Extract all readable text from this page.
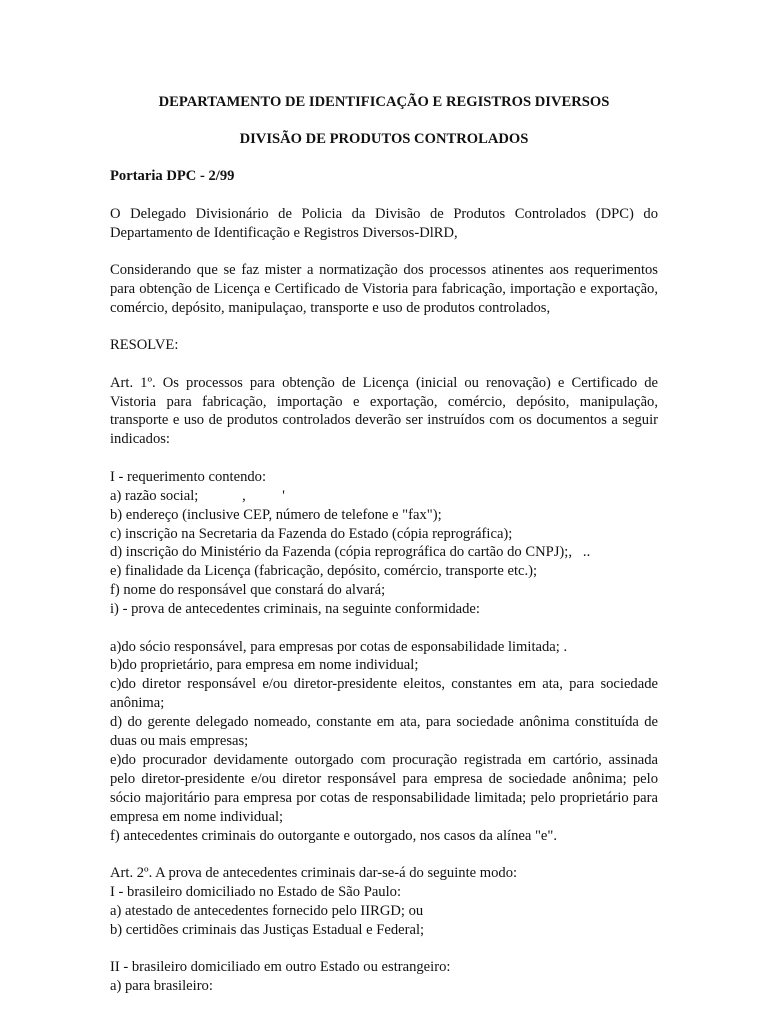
DEPARTAMENTO DE IDENTIFICAÇÃO E REGISTROS DIVERSOS

DIVISÃO DE PRODUTOS CONTROLADOS

Portaria DPC - 2/99

O Delegado Divisionário de Policia da Divisão de Produtos Controlados (DPC) do Departamento de Identificação e Registros Diversos-DlRD,

Considerando que se faz mister a normatização dos processos atinentes aos requerimentos para obtenção de Licença e Certificado de Vistoria para fabricação, importação e exportação, comércio, depósito, manipulaçao, transporte e uso de produtos controlados,

RESOLVE:

Art. 1º. Os processos para obtenção de Licença (inicial ou renovação) e Certificado de Vistoria para fabricação, importação e exportação, comércio, depósito, manipulação, transporte e uso de produtos controlados deverão ser instruídos com os documentos a seguir indicados:

I - requerimento contendo:

a) razão social;            ,          '

b) endereço (inclusive CEP, número de telefone e "fax");

c) inscrição na Secretaria da Fazenda do Estado (cópia reprográfica);

d) inscrição do Ministério da Fazenda (cópia reprográfica do cartão do CNPJ);,   ..

e) finalidade da Licença (fabricação, depósito, comércio, transporte etc.);

f) nome do responsável que constará do alvará;

i) - prova de antecedentes criminais, na seguinte conformidade:

a)do sócio responsável, para empresas por cotas de esponsabilidade limitada; .

b)do proprietário, para empresa em nome individual;

c)do diretor responsável e/ou diretor-presidente eleitos, constantes em ata, para sociedade anônima;

d) do gerente delegado nomeado, constante em ata, para sociedade anônima constituída de duas ou mais empresas;

e)do procurador devidamente outorgado com procuração registrada em cartório, assinada pelo diretor-presidente e/ou diretor responsável para empresa de sociedade anônima; pelo sócio majoritário para empresa por cotas de responsabilidade limitada; pelo proprietário para empresa em nome individual;

f) antecedentes criminais do outorgante e outorgado, nos casos da alínea "e".

Art. 2º. A prova de antecedentes criminais dar-se-á do seguinte modo:

I - brasileiro domiciliado no Estado de São Paulo:

a) atestado de antecedentes fornecido pelo IIRGD; ou

b) certidões criminais das Justiças Estadual e Federal;

II - brasileiro domiciliado em outro Estado ou estrangeiro:

a) para brasileiro:
